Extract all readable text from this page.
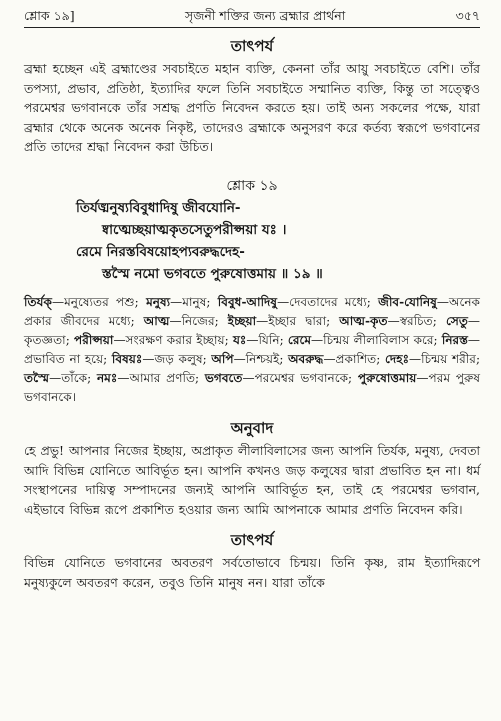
শ্লোক ১৯]	সৃজনী শক্তির জন্য ব্রহ্মার প্রার্থনা	৩৫৭
তাৎপর্য

ব্রহ্মা হচ্ছেন এই ব্রহ্মাণ্ডের সবচাইতে মহান ব্যক্তি, কেননা তাঁর আয়ু সবচাইতে বেশি। তাঁর তপস্যা, প্রভাব, প্রতিষ্ঠা, ইত্যাদির ফলে তিনি সবচাইতে সম্মানিত ব্যক্তি, কিন্তু তা সত্ত্বেও পরমেশ্বর ভগবানকে তাঁর সশ্রদ্ধ প্রণতি নিবেদন করতে হয়। তাই অন্য সকলের পক্ষে, যারা ব্রহ্মার থেকে অনেক অনেক নিকৃষ্ট, তাদেরও ব্রহ্মাকে অনুসরণ করে কর্তব্য স্বরূপে ভগবানের প্রতি তাদের শ্রদ্ধা নিবেদন করা উচিত।

শ্লোক ১৯

তির্যঙ্মনুষ্যবিবুধাদিষু জীবযোনি-

ষ্বাত্মেচ্ছয়াত্মকৃতসেতুপরীপ্সয়া যঃ ।

রেমে নিরস্তবিষয়োহপ্যবরুদ্ধদেহ-

স্তস্মৈ নমো ভগবতে পুরুষোত্তমায় ॥ ১৯ ॥

তির্যক্—মনুষ্যেতর পশু; মনুষ্য—মানুষ; বিবুধ-আদিষু—দেবতাদের মধ্যে; জীব-যোনিষু—অনেক প্রকার জীবদের মধ্যে; আত্ম—নিজের; ইচ্ছয়া—ইচ্ছার দ্বারা; আত্ম-কৃত—স্বরচিত; সেতু—কৃতজ্ঞতা; পরীপ্সয়া—সংরক্ষণ করার ইচ্ছায়; যঃ—যিনি; রেমে—চিন্ময় লীলাবিলাস করে; নিরস্ত—প্রভাবিত না হয়ে; বিষয়ঃ—জড় কলুষ; অপি—নিশ্চয়ই; অবরুদ্ধ—প্রকাশিত; দেহঃ—চিন্ময় শরীর; তস্মৈ—তাঁকে; নমঃ—আমার প্রণতি; ভগবতে—পরমেশ্বর ভগবানকে; পুরুষোত্তমায়—পরম পুরুষ ভগবানকে।

অনুবাদ

হে প্রভু! আপনার নিজের ইচ্ছায়, অপ্রাকৃত লীলাবিলাসের জন্য আপনি তির্যক, মনুষ্য, দেবতা আদি বিভিন্ন যোনিতে আবির্ভূত হন। আপনি কখনও জড় কলুষের দ্বারা প্রভাবিত হন না। ধর্ম সংস্থাপনের দায়িত্ব সম্পাদনের জন্যই আপনি আবির্ভূত হন, তাই হে পরমেশ্বর ভগবান, এইভাবে বিভিন্ন রূপে প্রকাশিত হওয়ার জন্য আমি আপনাকে আমার প্রণতি নিবেদন করি।

তাৎপর্য

বিভিন্ন যোনিতে ভগবানের অবতরণ সর্বতোভাবে চিন্ময়। তিনি কৃষ্ণ, রাম ইত্যাদিরূপে মনুষ্যকুলে অবতরণ করেন, তবুও তিনি মানুষ নন। যারা তাঁকে
